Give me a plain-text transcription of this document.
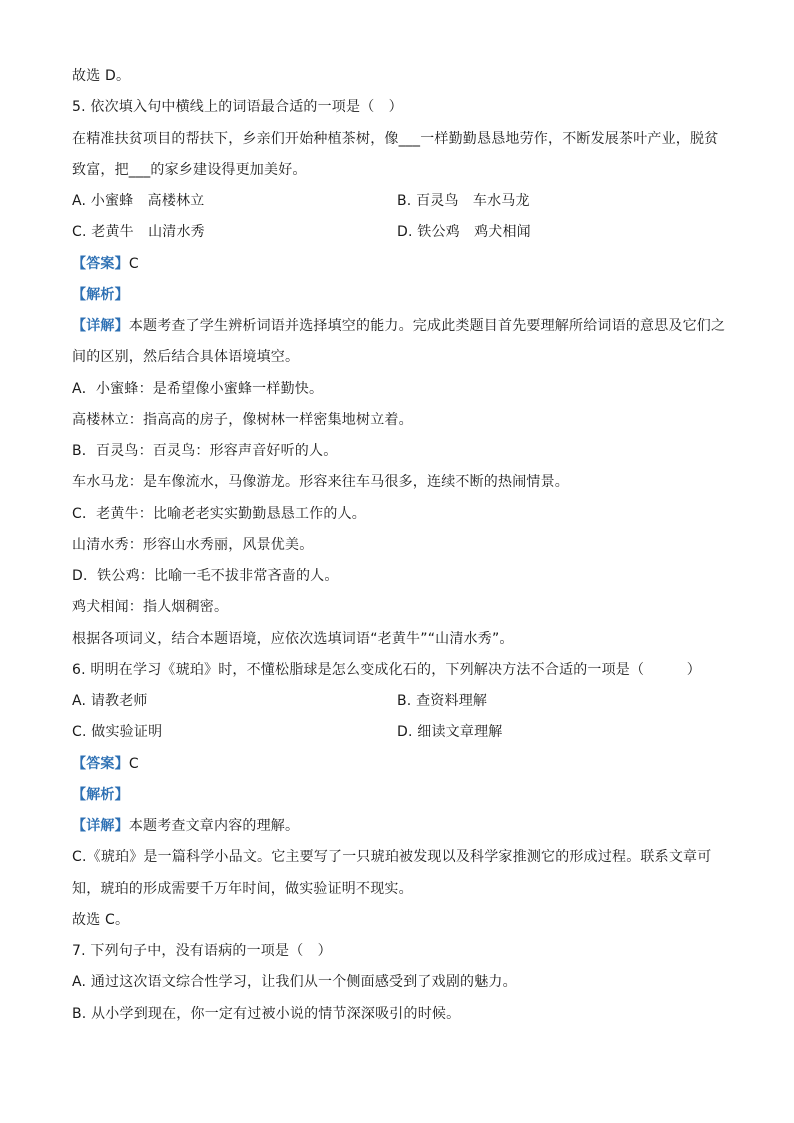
故选 D。
5. 依次填入句中横线上的词语最合适的一项是（　）
在精准扶贫项目的帮扶下，乡亲们开始种植茶树，像___一样勤勤恳恳地劳作，不断发展茶叶产业，脱贫
致富，把___的家乡建设得更加美好。
A. 小蜜蜂　高楼林立	B. 百灵鸟　车水马龙
C. 老黄牛　山清水秀	D. 铁公鸡　鸡犬相闻
【答案】C
【解析】
【详解】本题考查了学生辨析词语并选择填空的能力。完成此类题目首先要理解所给词语的意思及它们之
间的区别，然后结合具体语境填空。
A．小蜜蜂：是希望像小蜜蜂一样勤快。
高楼林立：指高高的房子，像树林一样密集地树立着。
B．百灵鸟：百灵鸟：形容声音好听的人。
车水马龙：是车像流水，马像游龙。形容来往车马很多，连续不断的热闹情景。
C．老黄牛：比喻老老实实勤勤恳恳工作的人。
山清水秀：形容山水秀丽，风景优美。
D．铁公鸡：比喻一毛不拔非常吝啬的人。
鸡犬相闻：指人烟稠密。
根据各项词义，结合本题语境，应依次选填词语“老黄牛”“山清水秀”。
6. 明明在学习《琥珀》时，不懂松脂球是怎么变成化石的，下列解决方法不合适的一项是（　　　）
A. 请教老师	B. 查资料理解
C. 做实验证明	D. 细读文章理解
【答案】C
【解析】
【详解】本题考查文章内容的理解。
C.《琥珀》是一篇科学小品文。它主要写了一只琥珀被发现以及科学家推测它的形成过程。联系文章可
知，琥珀的形成需要千万年时间，做实验证明不现实。
故选 C。
7. 下列句子中，没有语病的一项是（　）
A. 通过这次语文综合性学习，让我们从一个侧面感受到了戏剧的魅力。
B. 从小学到现在，你一定有过被小说的情节深深吸引的时候。
